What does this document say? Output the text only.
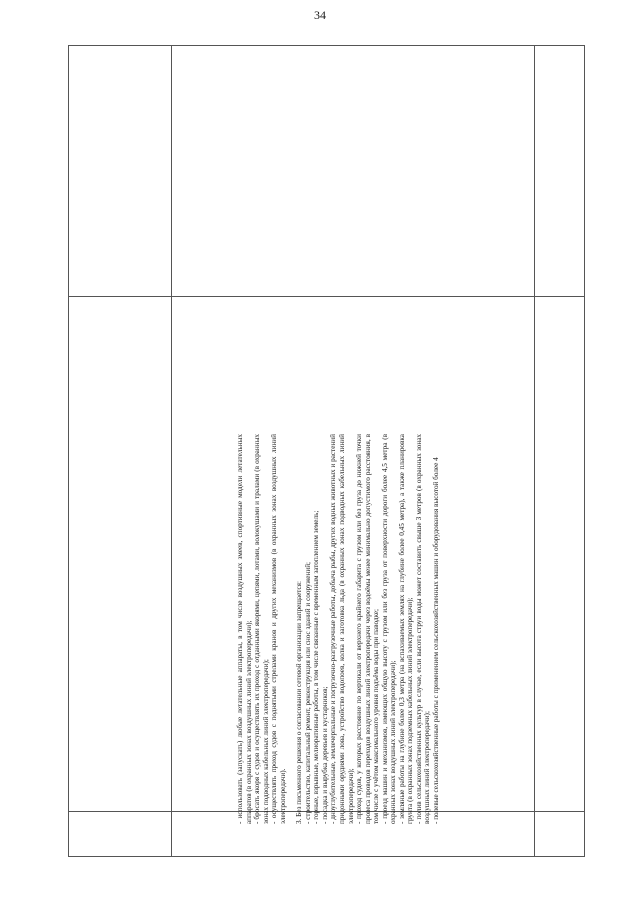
34

- использовать (запускать) любые летательные аппараты, в том числе воздушных змеев, спортивные модели летательных аппаратов (в охранных зонах воздушных линий электропередачи); - бросать якоря с судов и осуществлять их проход с отданными якорями, цепями, лотами, волокушами и тралами (в охранных зонах подводных кабельных линий электропередачи); - осуществлять проход судов с поднятыми стрелами кранов и других механизмов (в охранных зонах воздушных линий электропередачи). 3. Без письменного решения о согласовании сетевой организации запрещается: - строительство, капитальный ремонт, реконструкция или снос зданий и сооружений; - горные, взрывные, мелиоративные работы, в том числе связанные с временным затоплением земель; - посадка и вырубка деревьев и кустарников; - дноуглубительные, землечерпальные и погрузочно-разгрузочные работы, добыча рыбы, других водных животных и растений придонными орудиями лова, устройство водопоев, колка и заготовка льда (в охранных зонах подводных кабельных линий электропередачи); - проход судов, у которых расстояние по вертикали от верхнего крайнего габарита с грузом или без груза до нижней точки провеса проводов переходов воздушных линий электропередачи через водоёмы менее минимально допустимого расстояния, в том числе с учётом максимального уровня подъёма воды при паводке; - проезд машин и механизмов, имеющих общую высоту с грузом или без груза от поверхности дороги более 4,5 метра (в охранных зонах воздушных линий электропередачи); - земляные работы на глубине более 0,3 метра (на вспахиваемых землях на глубине более 0,45 метра), а также планировка грунта (в охранных зонах подземных кабельных линий электропередачи); - полив сельскохозяйственных культур в случае, если высота струи воды может составить свыше 3 метров (в охранных зонах воздушных линий электропередачи); - полевые сельскохозяйственные работы с применением сельскохозяйственных машин и оборудования высотой более 4
